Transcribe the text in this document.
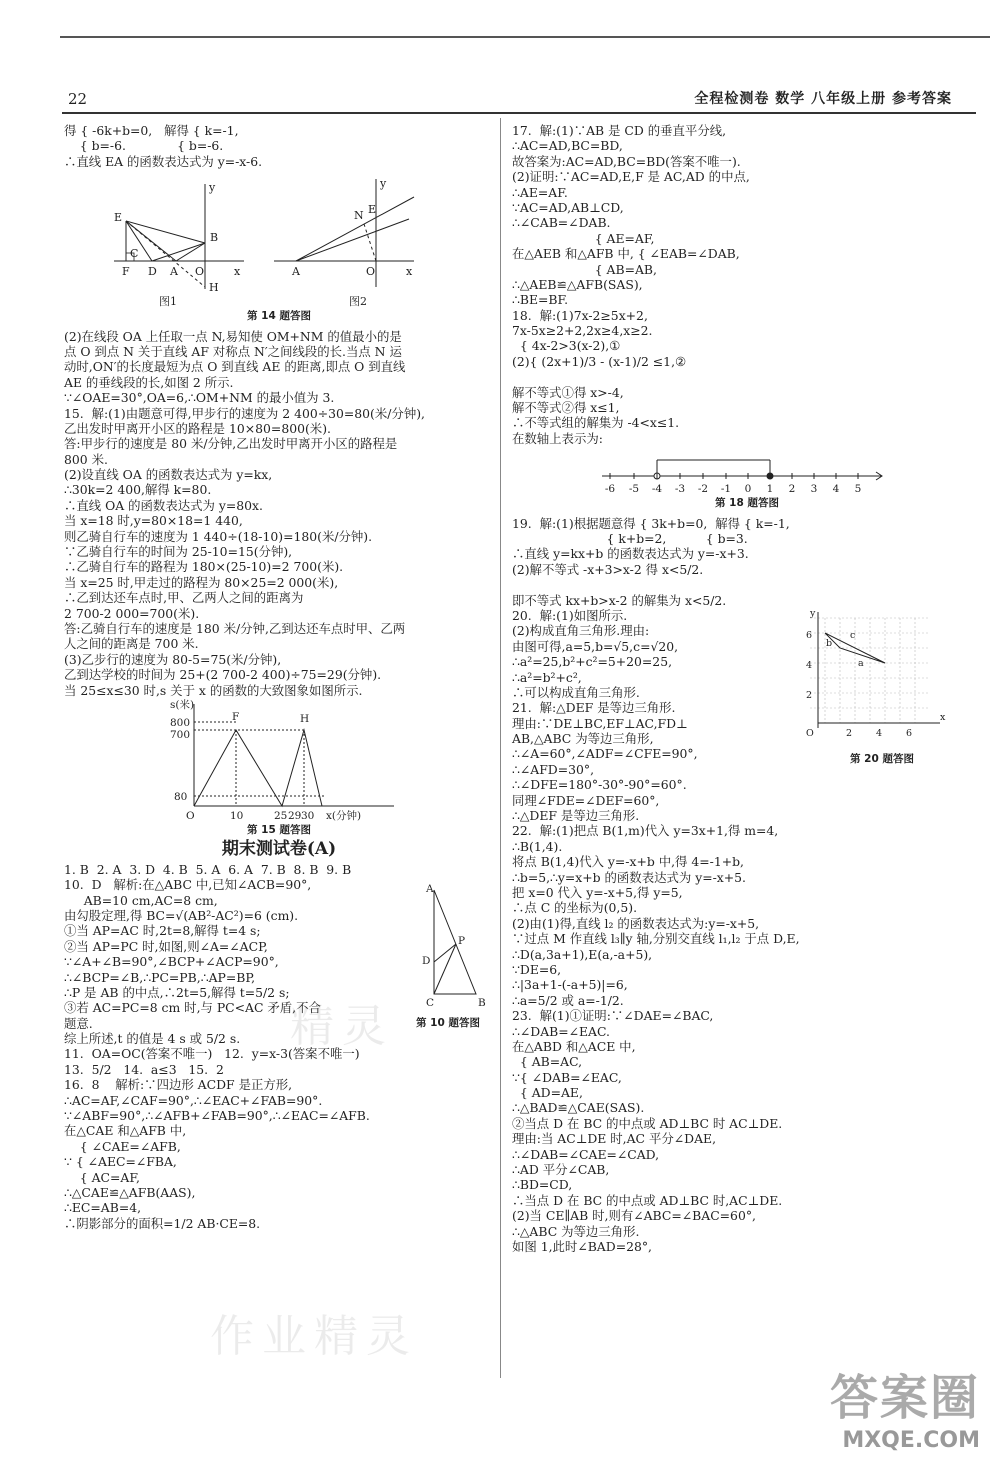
22	全程检测卷 数学 八年级上册 参考答案
得 { -6k+b=0,   解得 { k=-1,
{ b=-6.             { b=-6.
∴直线 EA 的函数表达式为 y=-x-6.
E
B
C
F D A O	x
y
H
图1
N E
y
A	O	x
图2
第 14 题答图
(2)在线段 OA 上任取一点 N,易知使 OM+NM 的值最小的是
点 O 到点 N 关于直线 AF 对称点 N′之间线段的长.当点 N 运
动时,ON′的长度最短为点 O 到直线 AE 的距离,即点 O 到直线
AE 的垂线段的长,如图 2 所示.
∵∠OAE=30°,OA=6,∴OM+NM 的最小值为 3.
15.  解:(1)由题意可得,甲步行的速度为 2 400÷30=80(米/分钟),
乙出发时甲离开小区的路程是 10×80=800(米).
答:甲步行的速度是 80 米/分钟,乙出发时甲离开小区的路程是
800 米.
(2)设直线 OA 的函数表达式为 y=kx,
∴30k=2 400,解得 k=80.
∴直线 OA 的函数表达式为 y=80x.
当 x=18 时,y=80×18=1 440,
则乙骑自行车的速度为 1 440÷(18-10)=180(米/分钟).
∵乙骑自行车的时间为 25-10=15(分钟),
∴乙骑自行车的路程为 180×(25-10)=2 700(米).
当 x=25 时,甲走过的路程为 80×25=2 000(米),
∴乙到达还车点时,甲、乙两人之间的距离为
2 700-2 000=700(米).
答:乙骑自行车的速度是 180 米/分钟,乙到达还车点时甲、乙两
人之间的距离是 700 米.
(3)乙步行的速度为 80-5=75(米/分钟),
乙到达学校的时间为 25+(2 700-2 400)÷75=29(分钟).
当 25≤x≤30 时,s 关于 x 的函数的大致图象如图所示.
s(米)
800
700
80
O	10	25 29 30 x(分钟)
F	H
第 15 题答图
期末测试卷(A)
1. B  2. A  3. D  4. B  5. A  6. A  7. B  8. B  9. B
10.  D   解析:在△ABC 中,已知∠ACB=90°,
AB=10 cm,AC=8 cm,
由勾股定理,得 BC=√(AB²-AC²)=6 (cm).
①当 AP=AC 时,2t=8,解得 t=4 s;
②当 AP=PC 时,如图,则∠A=∠ACP,
∵∠A+∠B=90°,∠BCP+∠ACP=90°,
∴∠BCP=∠B,∴PC=PB,∴AP=BP,
∴P 是 AB 的中点,∴2t=5,解得 t=5/2 s;
③若 AC=PC=8 cm 时,与 PC<AC 矛盾,不合
题意.
综上所述,t 的值是 4 s 或 5/2 s.
11.  OA=OC(答案不唯一)   12.  y=x-3(答案不唯一)
13.  5/2   14.  a≤3   15.  2
16.  8    解析:∵四边形 ACDF 是正方形,
∴AC=AF,∠CAF=90°,∴∠EAC+∠FAB=90°.
∵∠ABF=90°,∴∠AFB+∠FAB=90°,∴∠EAC=∠AFB.
在△CAE 和△AFB 中,
{ ∠CAE=∠AFB,
∵ { ∠AEC=∠FBA,
{ AC=AF,
∴△CAE≌△AFB(AAS),
∴EC=AB=4,
∴阴影部分的面积=1/2 AB·CE=8.
A
D
P
C	B
第 10 题答图
17.  解:(1)∵AB 是 CD 的垂直平分线,
∴AC=AD,BC=BD,
故答案为:AC=AD,BC=BD(答案不唯一).
(2)证明:∵AC=AD,E,F 是 AC,AD 的中点,
∴AE=AF.
∵AC=AD,AB⊥CD,
∴∠CAB=∠DAB.
{ AE=AF,
在△AEB 和△AFB 中, { ∠EAB=∠DAB,
{ AB=AB,
∴△AEB≌△AFB(SAS),
∴BE=BF.
18.  解:(1)7x-2≥5x+2,
7x-5x≥2+2,2x≥4,x≥2.
{ 4x-2>3(x-2),①
(2){ (2x+1)/3 - (x-1)/2 ≤1,②
解不等式①得 x>-4,
解不等式②得 x≤1,
∴不等式组的解集为 -4<x≤1.
在数轴上表示为:
-6 -5 -4 -3 -2 -1 0 1 2 3 4 5
第 18 题答图
19.  解:(1)根据题意得 { 3k+b=0,  解得 { k=-1,
{ k+b=2,          { b=3.
∴直线 y=kx+b 的函数表达式为 y=-x+3.
(2)解不等式 -x+3>x-2 得 x<5/2.
即不等式 kx+b>x-2 的解集为 x<5/2.
20.  解:(1)如图所示.
(2)构成直角三角形.理由:
由图可得,a=5,b=√5,c=√20,
∴a²=25,b²+c²=5+20=25,
∴a²=b²+c²,
∴可以构成直角三角形.
21.  解:△DEF 是等边三角形.
理由:∵DE⊥BC,EF⊥AC,FD⊥
AB,△ABC 为等边三角形,
∴∠A=60°,∠ADF=∠CFE=90°,
∴∠AFD=30°,
∴∠DFE=180°-30°-90°=60°.
同理∠FDE=∠DEF=60°,
∴△DEF 是等边三角形.
22.  解:(1)把点 B(1,m)代入 y=3x+1,得 m=4,
∴B(1,4).
将点 B(1,4)代入 y=-x+b 中,得 4=-1+b,
∴b=5,∴y=x+b 的函数表达式为 y=-x+5.
把 x=0 代入 y=-x+5,得 y=5,
∴点 C 的坐标为(0,5).
(2)由(1)得,直线 l₂ 的函数表达式为:y=-x+5,
∵过点 M 作直线 l₃∥y 轴,分别交直线 l₁,l₂ 于点 D,E,
∴D(a,3a+1),E(a,-a+5),
∵DE=6,
∴|3a+1-(-a+5)|=6,
∴a=5/2 或 a=-1/2.
23.  解(1)①证明:∵∠DAE=∠BAC,
∴∠DAB=∠EAC.
在△ABD 和△ACE 中,
{ AB=AC,
∵{ ∠DAB=∠EAC,
{ AD=AE,
∴△BAD≌△CAE(SAS).
②当点 D 在 BC 的中点或 AD⊥BC 时 AC⊥DE.
理由:当 AC⊥DE 时,AC 平分∠DAE,
∴∠DAB=∠CAE=∠CAD,
∴AD 平分∠CAB,
∴BD=CD,
∴当点 D 在 BC 的中点或 AD⊥BC 时,AC⊥DE.
(2)当 CE∥AB 时,则有∠ABC=∠BAC=60°,
∴△ABC 为等边三角形.
如图 1,此时∠BAD=28°,
y
6
4
2
O	2	4	6
x
b
c
a
第 20 题答图
作业精灵
精灵
答案圈
MXQE.COM
